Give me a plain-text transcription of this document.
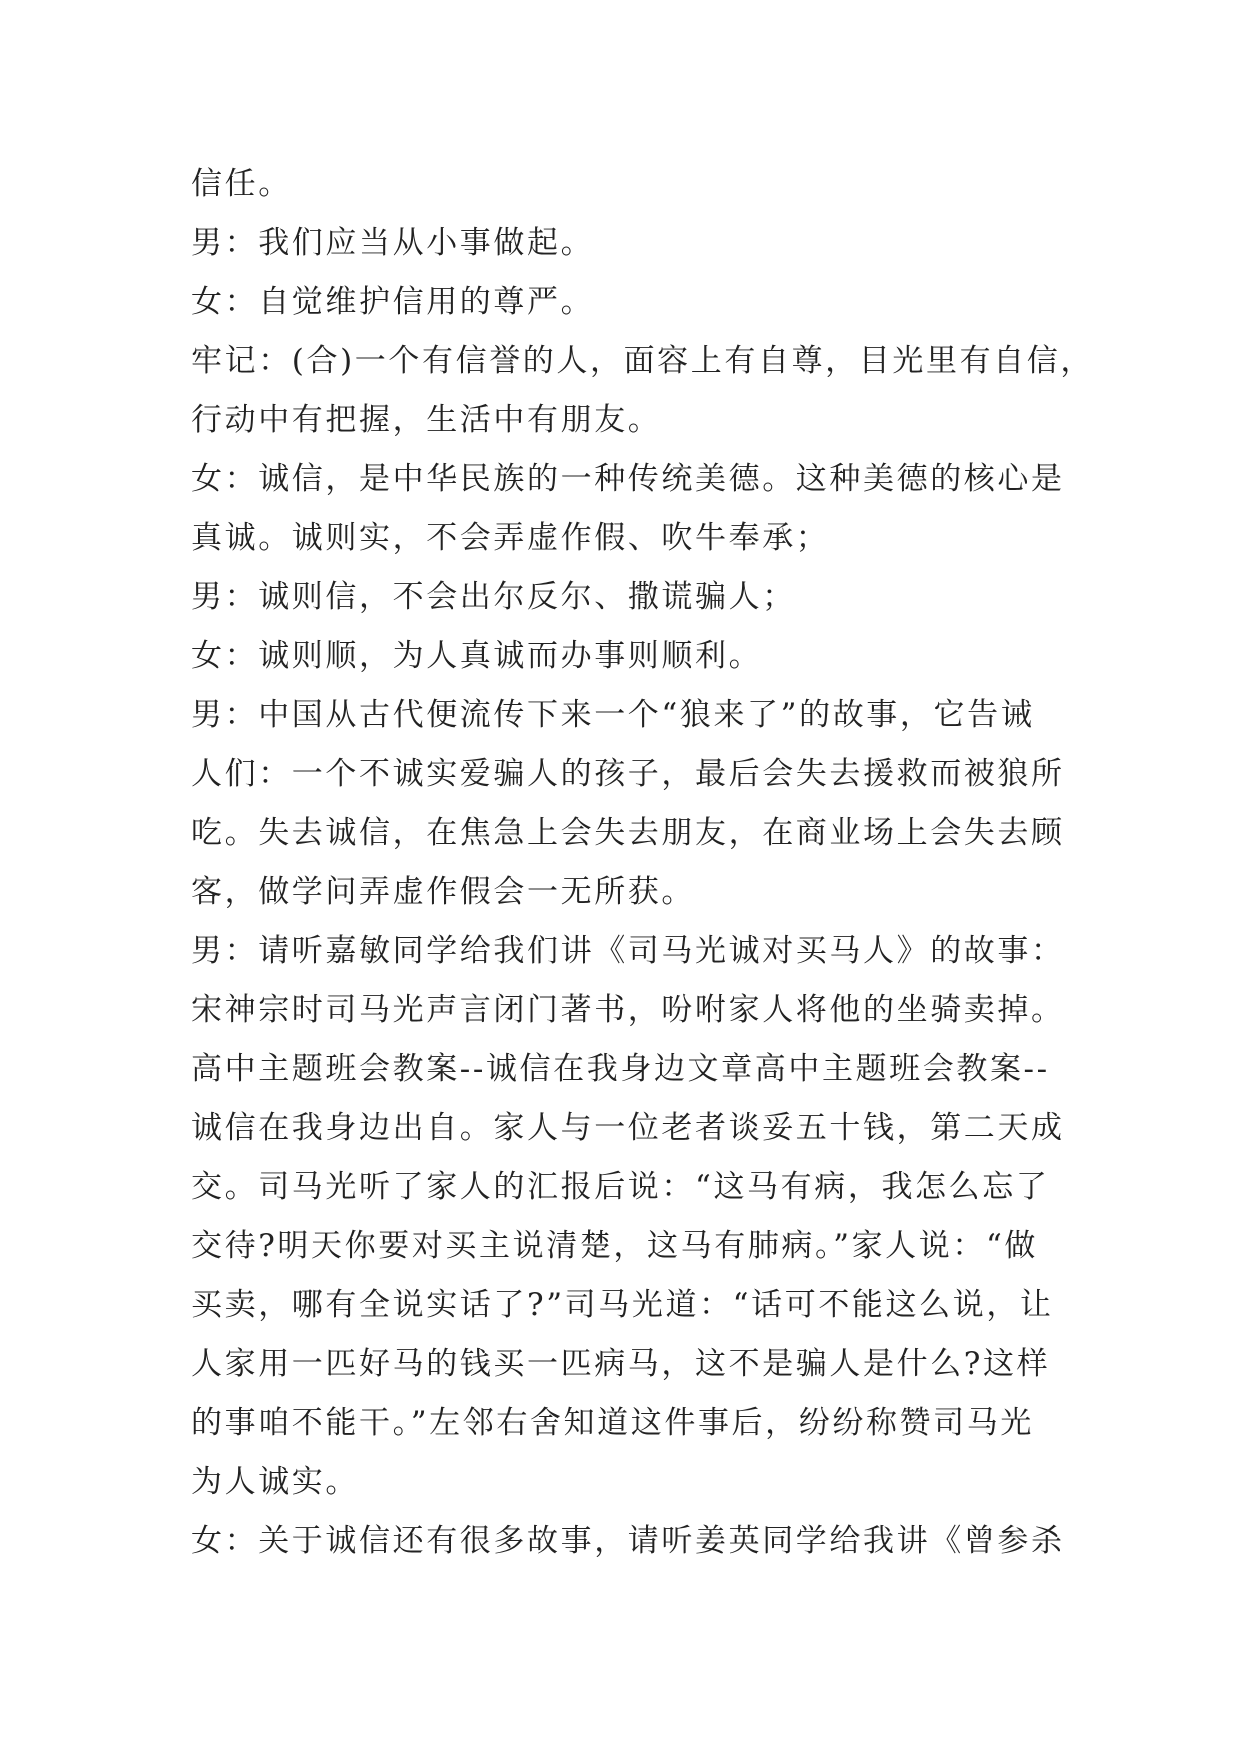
信任。
男：我们应当从小事做起。
女：自觉维护信用的尊严。
牢记：(合)一个有信誉的人，面容上有自尊，目光里有自信，
行动中有把握，生活中有朋友。
女：诚信，是中华民族的一种传统美德。这种美德的核心是
真诚。诚则实，不会弄虚作假、吹牛奉承；
男：诚则信，不会出尔反尔、撒谎骗人；
女：诚则顺，为人真诚而办事则顺利。
男：中国从古代便流传下来一个“狼来了”的故事，它告诫
人们：一个不诚实爱骗人的孩子，最后会失去援救而被狼所
吃。失去诚信，在焦急上会失去朋友，在商业场上会失去顾
客，做学问弄虚作假会一无所获。
男：请听嘉敏同学给我们讲《司马光诚对买马人》的故事：
宋神宗时司马光声言闭门著书，吩咐家人将他的坐骑卖掉。
高中主题班会教案--诚信在我身边文章高中主题班会教案--
诚信在我身边出自。家人与一位老者谈妥五十钱，第二天成
交。司马光听了家人的汇报后说：“这马有病，我怎么忘了
交待?明天你要对买主说清楚，这马有肺病。”家人说：“做
买卖，哪有全说实话了?”司马光道：“话可不能这么说，让
人家用一匹好马的钱买一匹病马，这不是骗人是什么?这样
的事咱不能干。”左邻右舍知道这件事后，纷纷称赞司马光
为人诚实。
女：关于诚信还有很多故事，请听姜英同学给我讲《曾参杀
